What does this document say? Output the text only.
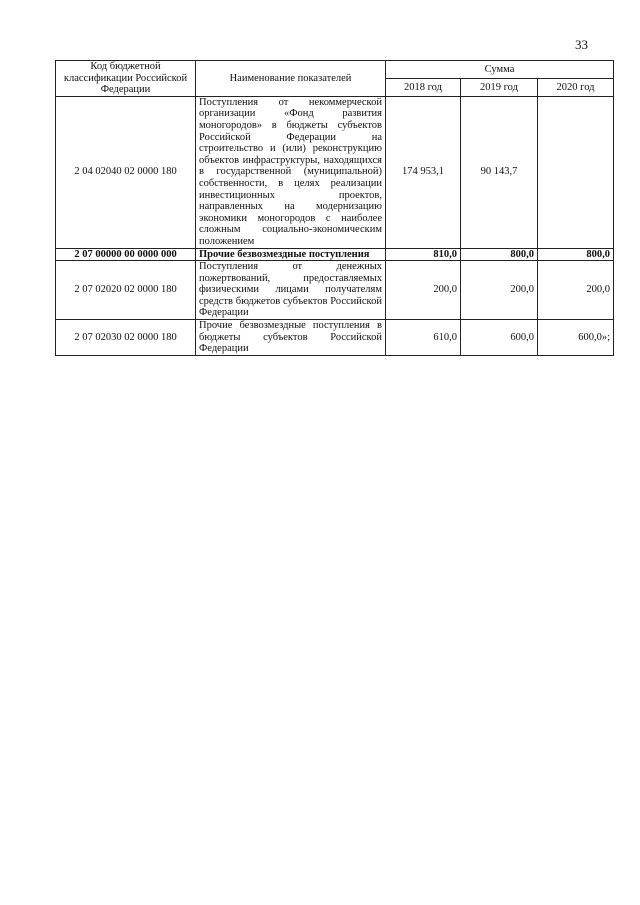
33
Код бюджетной классификации Российской Федерации	Наименование показателей	Сумма		
		2018 год	2019 год	2020 год
2 04 02040 02 0000 180	Поступления от некоммерческой организации «Фонд развития моногородов» в бюджеты субъектов Российской Федерации на строительство и (или) реконструкцию объектов инфраструктуры, находящихся в государственной (муниципальной) собственности, в целях реализации инвестиционных проектов, направленных на модернизацию экономики моногородов с наиболее сложным социально-экономическим положением	174 953,1	90 143,7	
2 07 00000 00 0000 000	Прочие безвозмездные поступления	810,0	800,0	800,0
2 07 02020 02 0000 180	Поступления от денежных пожертвований, предоставляемых физическими лицами получателям средств бюджетов субъектов Российской Федерации	200,0	200,0	200,0
2 07 02030 02 0000 180	Прочие безвозмездные поступления в бюджеты субъектов Российской Федерации	610,0	600,0	600,0»;
